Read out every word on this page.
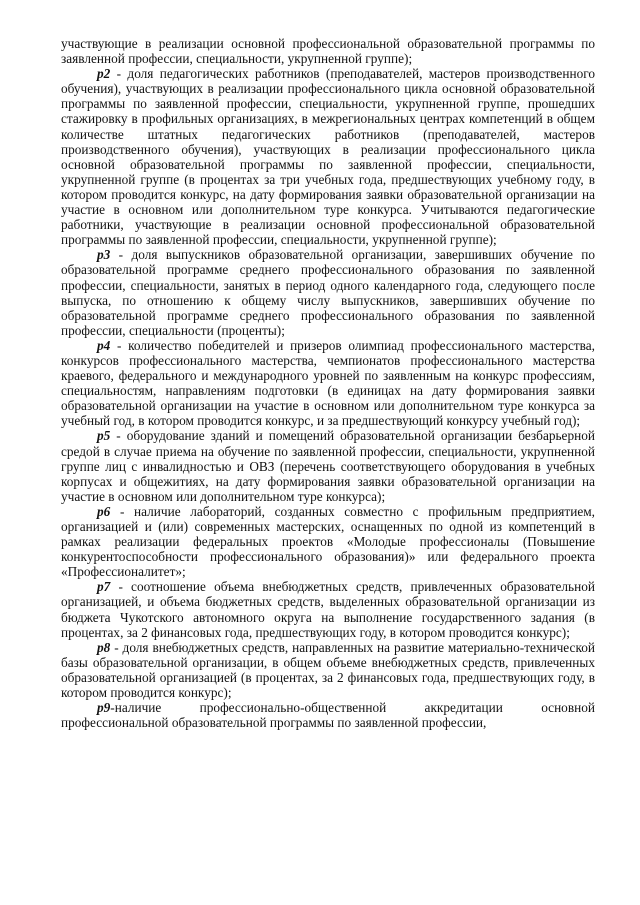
участвующие в реализации основной профессиональной образовательной программы по заявленной профессии, специальности, укрупненной группе);

p2 - доля педагогических работников (преподавателей, мастеров производственного обучения), участвующих в реализации профессионального цикла основной образовательной программы по заявленной профессии, специальности, укрупненной группе, прошедших стажировку в профильных организациях, в межрегиональных центрах компетенций в общем количестве штатных педагогических работников (преподавателей, мастеров производственного обучения), участвующих в реализации профессионального цикла основной образовательной программы по заявленной профессии, специальности, укрупненной группе (в процентах за три учебных года, предшествующих учебному году, в котором проводится конкурс, на дату формирования заявки образовательной организации на участие в основном или дополнительном туре конкурса. Учитываются педагогические работники, участвующие в реализации основной профессиональной образовательной программы по заявленной профессии, специальности, укрупненной группе);

p3 - доля выпускников образовательной организации, завершивших обучение по образовательной программе среднего профессионального образования по заявленной профессии, специальности, занятых в период одного календарного года, следующего после выпуска, по отношению к общему числу выпускников, завершивших обучение по образовательной программе среднего профессионального образования по заявленной профессии, специальности (проценты);

p4 - количество победителей и призеров олимпиад профессионального мастерства, конкурсов профессионального мастерства, чемпионатов профессионального мастерства краевого, федерального и международного уровней по заявленным на конкурс профессиям, специальностям, направлениям подготовки (в единицах на дату формирования заявки образовательной организации на участие в основном или дополнительном туре конкурса за учебный год, в котором проводится конкурс, и за предшествующий конкурсу учебный год);

p5 - оборудование зданий и помещений образовательной организации безбарьерной средой в случае приема на обучение по заявленной профессии, специальности, укрупненной группе лиц с инвалидностью и ОВЗ (перечень соответствующего оборудования в учебных корпусах и общежитиях, на дату формирования заявки образовательной организации на участие в основном или дополнительном туре конкурса);

p6 - наличие лабораторий, созданных совместно с профильным предприятием, организацией и (или) современных мастерских, оснащенных по одной из компетенций в рамках реализации федеральных проектов «Молодые профессионалы (Повышение конкурентоспособности профессионального образования)» или федерального проекта «Профессионалитет»;

p7 - соотношение объема внебюджетных средств, привлеченных образовательной организацией, и объема бюджетных средств, выделенных образовательной организации из бюджета Чукотского автономного округа на выполнение государственного задания (в процентах, за 2 финансовых года, предшествующих году, в котором проводится конкурс);

p8 - доля внебюджетных средств, направленных на развитие материально-технической базы образовательной организации, в общем объеме внебюджетных средств, привлеченных образовательной организацией (в процентах, за 2 финансовых года, предшествующих году, в котором проводится конкурс);

p9-наличие профессионально-общественной аккредитации основной профессиональной образовательной программы по заявленной профессии,
